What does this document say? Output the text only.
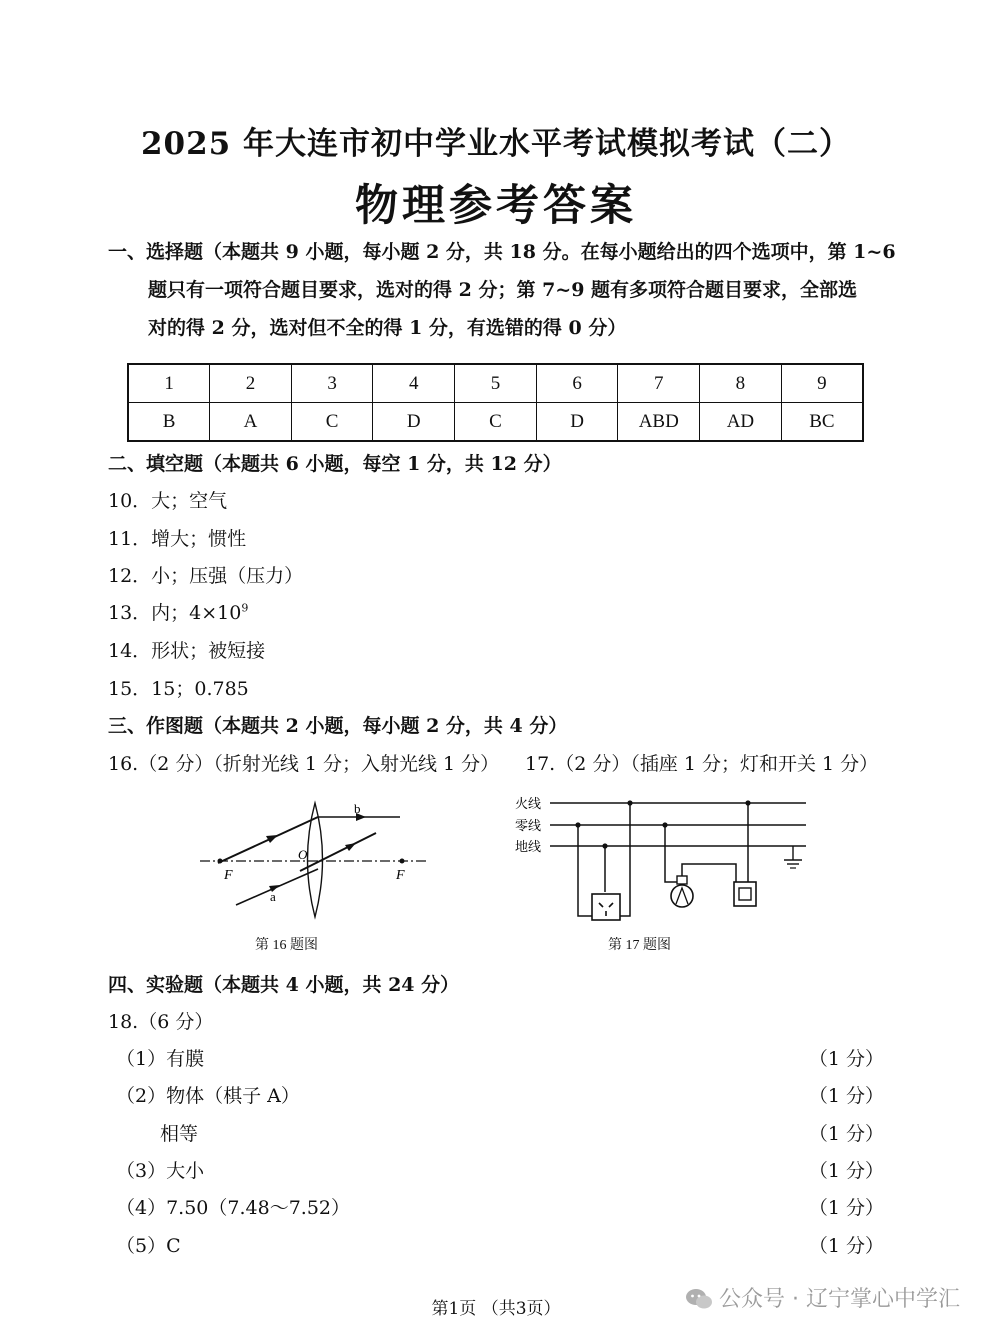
2025 年大连市初中学业水平考试模拟考试（二）
物理参考答案
一、选择题（本题共 9 小题，每小题 2 分，共 18 分。在每小题给出的四个选项中，第 1~6
题只有一项符合题目要求，选对的得 2 分；第 7~9 题有多项符合题目要求，全部选
对的得 2 分，选对但不全的得 1 分，有选错的得 0 分）
1	2	3	4	5	6	7	8	9
B	A	C	D	C	D	ABD	AD	BC
二、填空题（本题共 6 小题，每空 1 分，共 12 分）
10．大；空气
11．增大；惯性
12．小；压强（压力）
13．内；$4\times 10^9$
14．形状；被短接
15．15；0.785
三、作图题（本题共 2 小题，每小题 2 分，共 4 分）
16.（2 分）（折射光线 1 分；入射光线 1 分） 17.（2 分）（插座 1 分；灯和开关 1 分）
b
a
O
F	F
第 16 题图
火线
零线
地线
第 17 题图
四、实验题（本题共 4 小题，共 24 分）
18.（6 分）
（1）有膜	（1 分）
（2）物体（棋子 A）	（1 分）
相等	（1 分）
（3）大小	（1 分）
（4）7.50（7.48～7.52）	（1 分）
（5）C	（1 分）
第1页 （共3页）	公众号 · 辽宁掌心中学汇
